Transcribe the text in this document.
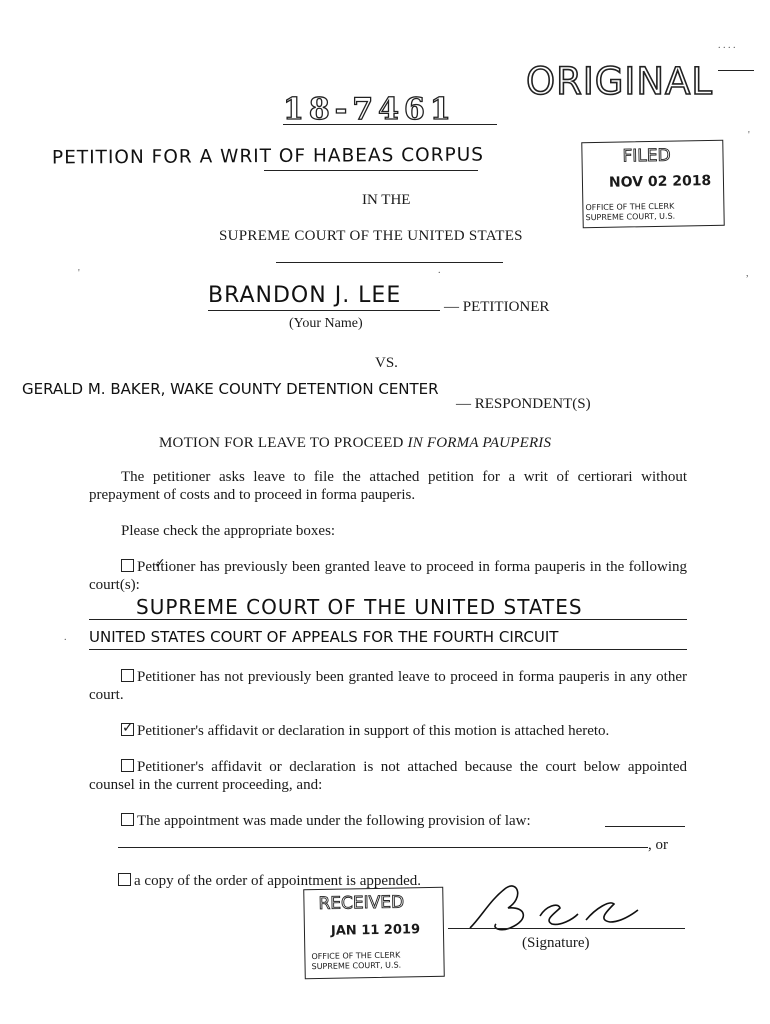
ORIGINAL
. . . .
18-7461
PETITION FOR A WRIT OF HABEAS CORPUS	FILED
NOV 02 2018
OFFICE OF THE CLERK
SUPREME COURT, U.S.
IN THE
SUPREME COURT OF THE UNITED STATES
.
BRANDON J. LEE	— PETITIONER
(Your Name)
VS.
GERALD M. BAKER, WAKE COUNTY DETENTION CENTER
— RESPONDENT(S)
MOTION FOR LEAVE TO PROCEED IN FORMA PAUPERIS
The petitioner asks leave to file the attached petition for a writ of certiorari without prepayment of costs and to proceed in forma pauperis.
Please check the appropriate boxes:
✓Petitioner has previously been granted leave to proceed in forma pauperis in the following court(s):
SUPREME COURT OF THE UNITED STATES
UNITED STATES COURT OF APPEALS FOR THE FOURTH CIRCUIT
Petitioner has not previously been granted leave to proceed in forma pauperis in any other court.
✓Petitioner's affidavit or declaration in support of this motion is attached hereto.
Petitioner's affidavit or declaration is not attached because the court below appointed counsel in the current proceeding, and:
The appointment was made under the following provision of law:
, or
a copy of the order of appointment is appended.
RECEIVED
JAN 11 2019
OFFICE OF THE CLERK
SUPREME COURT, U.S.
(Signature)
'	,
.
'
